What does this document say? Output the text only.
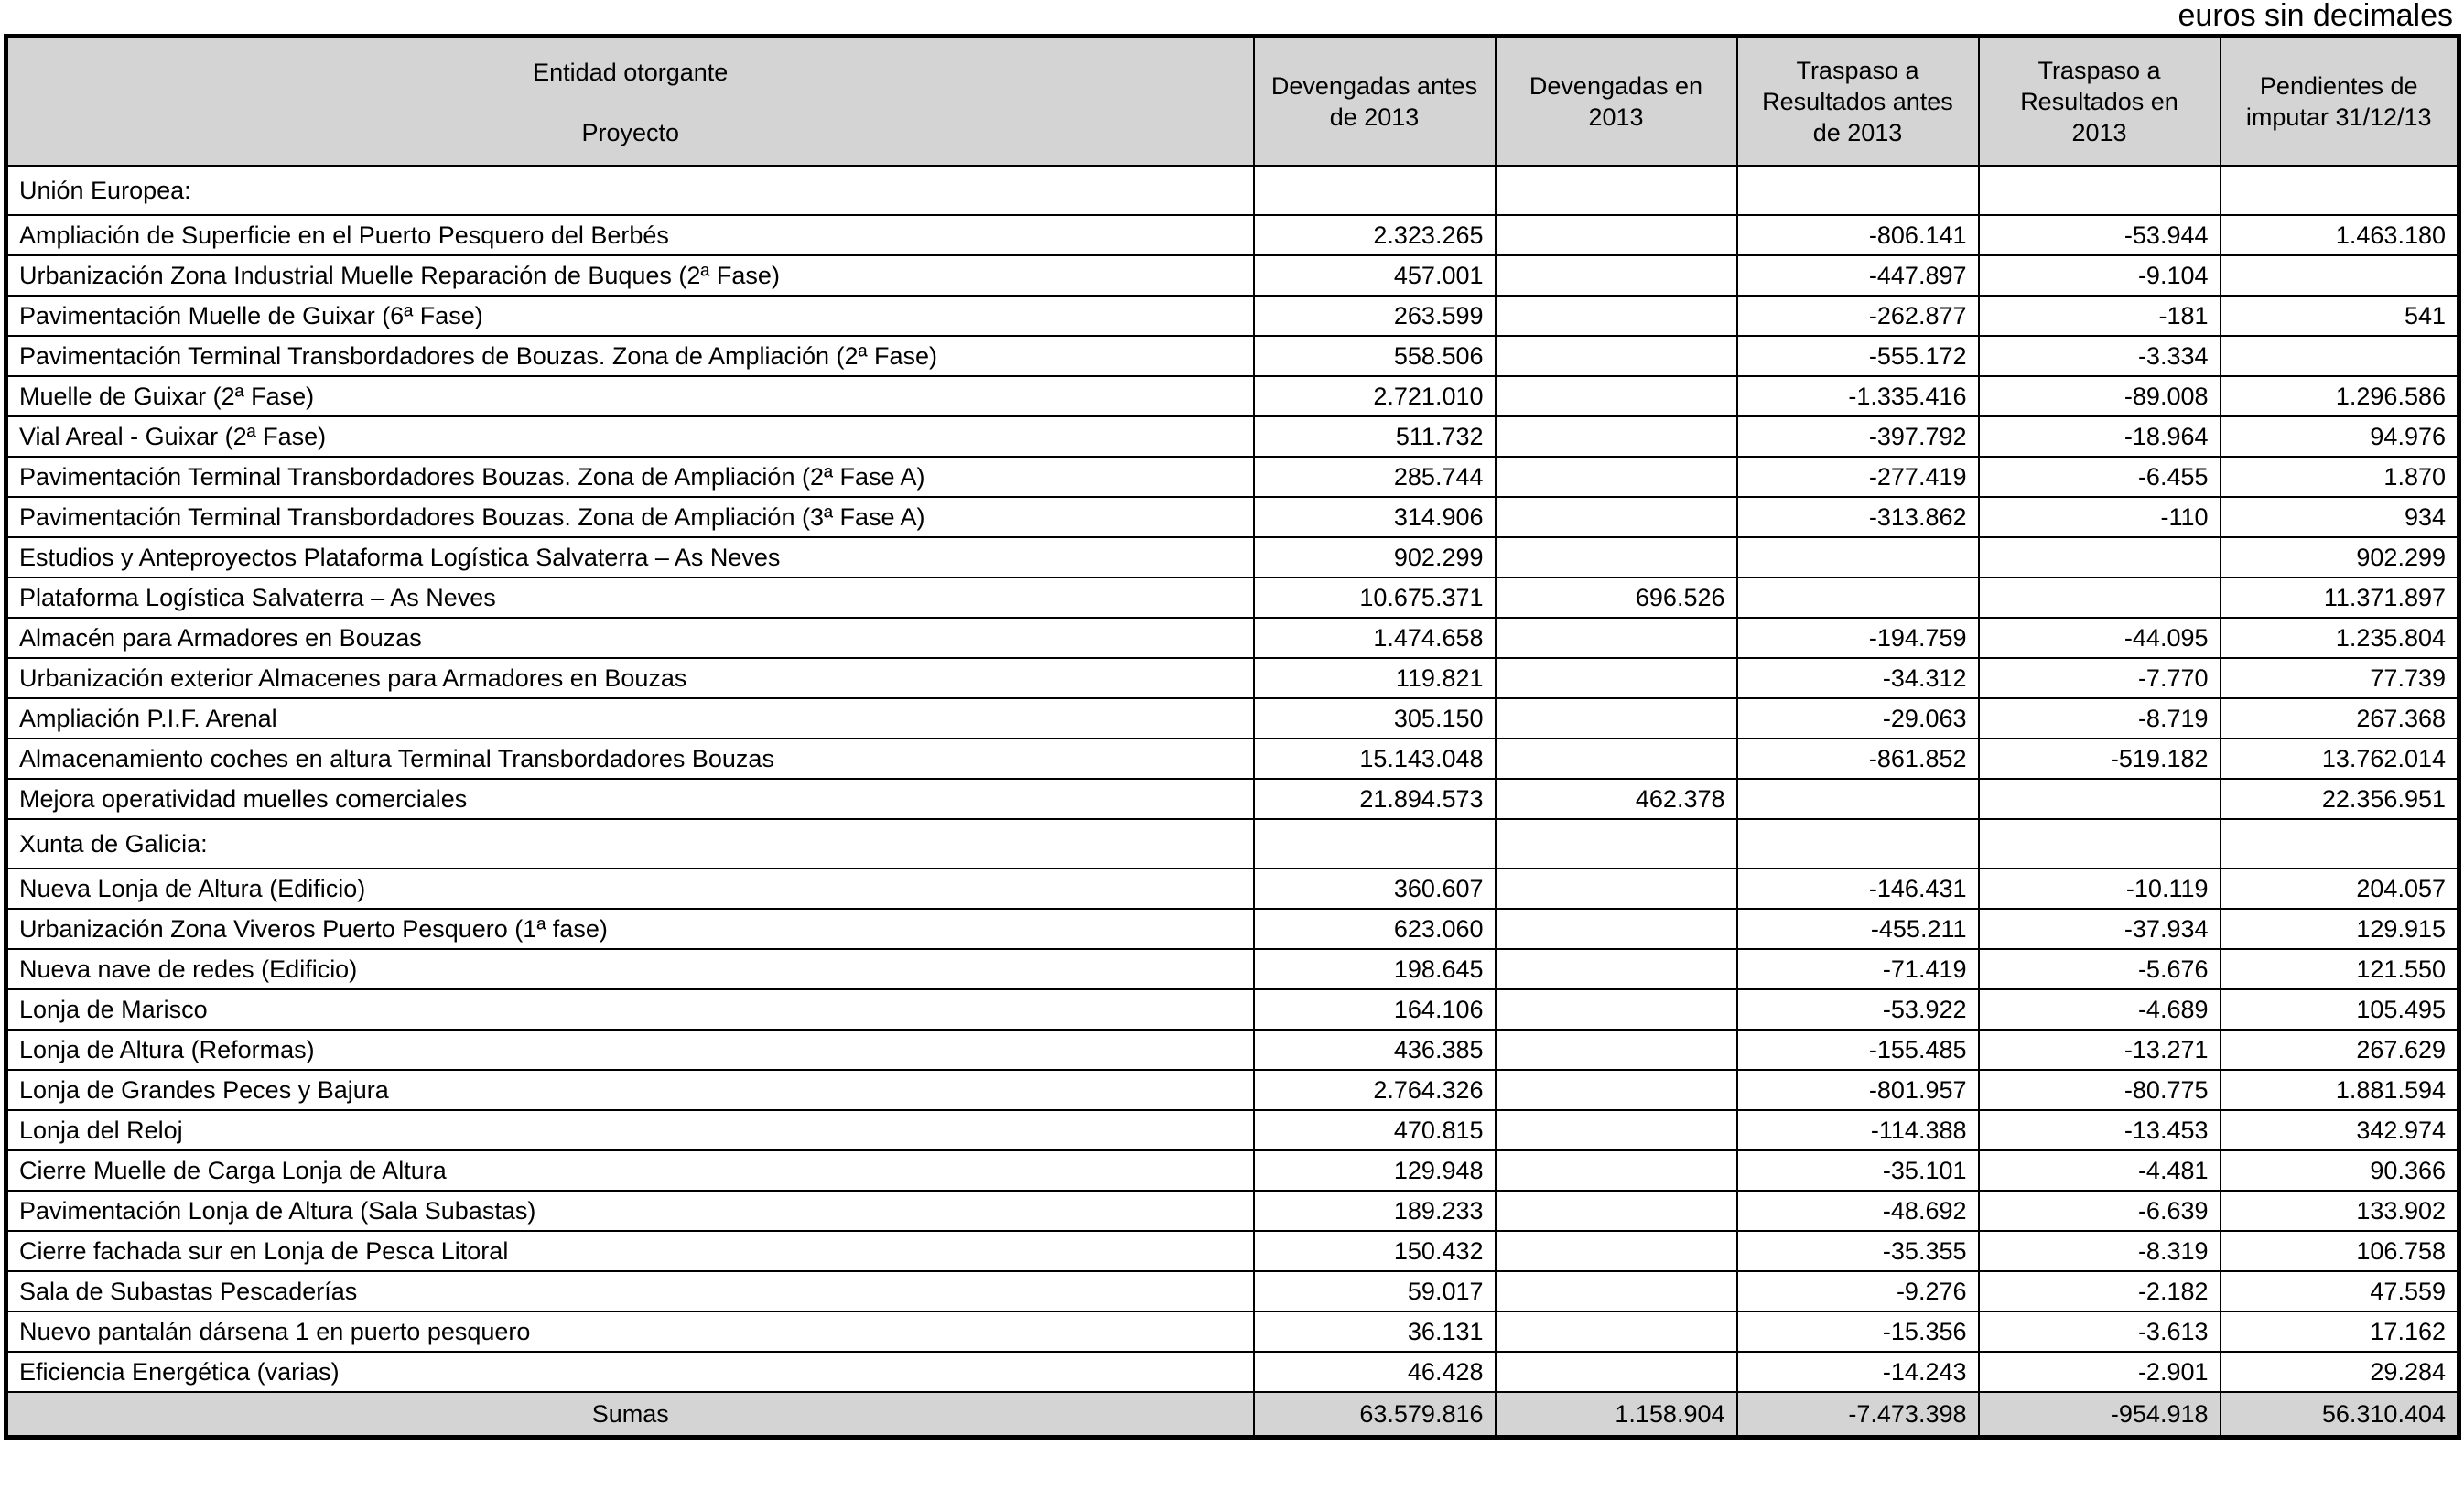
euros sin decimales
Entidad otorgante
Proyecto	Devengadas antes de 2013	Devengadas en 2013	Traspaso a Resultados antes de 2013	Traspaso a Resultados en 2013	Pendientes de imputar 31/12/13
Unión Europea:					
Ampliación de Superficie en el Puerto Pesquero del Berbés	2.323.265		-806.141	-53.944	1.463.180
Urbanización Zona Industrial Muelle Reparación de Buques (2ª Fase)	457.001		-447.897	-9.104	
Pavimentación Muelle de Guixar (6ª Fase)	263.599		-262.877	-181	541
Pavimentación Terminal Transbordadores de Bouzas. Zona de Ampliación (2ª Fase)	558.506		-555.172	-3.334	
Muelle de Guixar (2ª Fase)	2.721.010		-1.335.416	-89.008	1.296.586
Vial Areal - Guixar (2ª Fase)	511.732		-397.792	-18.964	94.976
Pavimentación Terminal Transbordadores Bouzas. Zona de Ampliación (2ª Fase A)	285.744		-277.419	-6.455	1.870
Pavimentación Terminal Transbordadores Bouzas. Zona de Ampliación (3ª Fase A)	314.906		-313.862	-110	934
Estudios y Anteproyectos Plataforma Logística Salvaterra – As Neves	902.299				902.299
Plataforma Logística Salvaterra – As Neves	10.675.371	696.526			11.371.897
Almacén para Armadores en Bouzas	1.474.658		-194.759	-44.095	1.235.804
Urbanización exterior Almacenes para Armadores en Bouzas	119.821		-34.312	-7.770	77.739
Ampliación P.I.F. Arenal	305.150		-29.063	-8.719	267.368
Almacenamiento coches en altura Terminal Transbordadores Bouzas	15.143.048		-861.852	-519.182	13.762.014
Mejora operatividad muelles comerciales	21.894.573	462.378			22.356.951
Xunta de Galicia:					
Nueva Lonja de Altura (Edificio)	360.607		-146.431	-10.119	204.057
Urbanización Zona Viveros Puerto Pesquero (1ª fase)	623.060		-455.211	-37.934	129.915
Nueva nave de redes (Edificio)	198.645		-71.419	-5.676	121.550
Lonja de Marisco	164.106		-53.922	-4.689	105.495
Lonja de Altura (Reformas)	436.385		-155.485	-13.271	267.629
Lonja de Grandes Peces y Bajura	2.764.326		-801.957	-80.775	1.881.594
Lonja del Reloj	470.815		-114.388	-13.453	342.974
Cierre Muelle de Carga Lonja de Altura	129.948		-35.101	-4.481	90.366
Pavimentación Lonja de Altura (Sala Subastas)	189.233		-48.692	-6.639	133.902
Cierre fachada sur en Lonja de Pesca Litoral	150.432		-35.355	-8.319	106.758
Sala de Subastas Pescaderías	59.017		-9.276	-2.182	47.559
Nuevo pantalán dársena 1 en puerto pesquero	36.131		-15.356	-3.613	17.162
Eficiencia Energética (varias)	46.428		-14.243	-2.901	29.284
Sumas	63.579.816	1.158.904	-7.473.398	-954.918	56.310.404
